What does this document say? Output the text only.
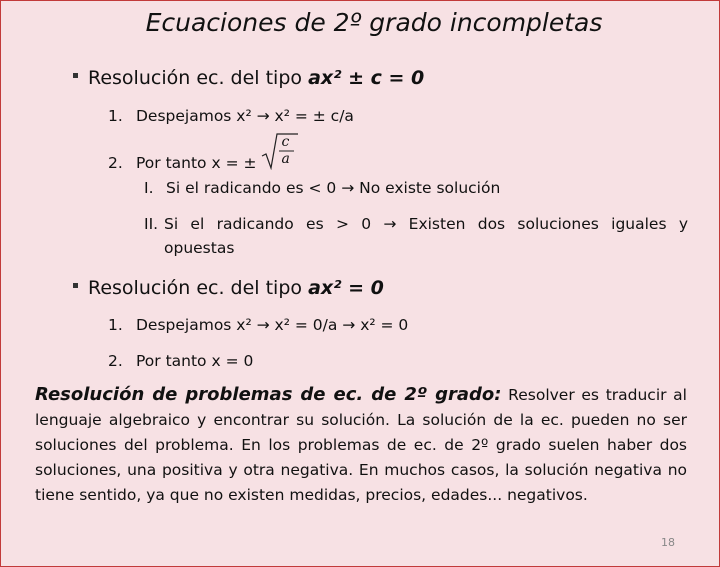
Ecuaciones de 2º grado incompletas
Resolución ec. del tipo ax² ± c = 0
1. Despejamos x² → x² = ± c/a
2. Por tanto x = ±
c
a
I. Si el radicando es < 0 → No existe solución
II. Si el radicando es > 0 → Existen dos soluciones iguales y
opuestas
Resolución ec. del tipo ax² = 0
1. Despejamos x² → x² = 0/a → x² = 0
2. Por tanto x = 0
Resolución de problemas de ec. de 2º grado: Resolver es traducir al lenguaje algebraico y encontrar su solución. La solución de la ec. pueden no ser soluciones del problema. En los problemas de ec. de 2º grado suelen haber dos soluciones, una positiva y otra negativa. En muchos casos, la solución negativa no tiene sentido, ya que no existen medidas, precios, edades... negativos.
18
